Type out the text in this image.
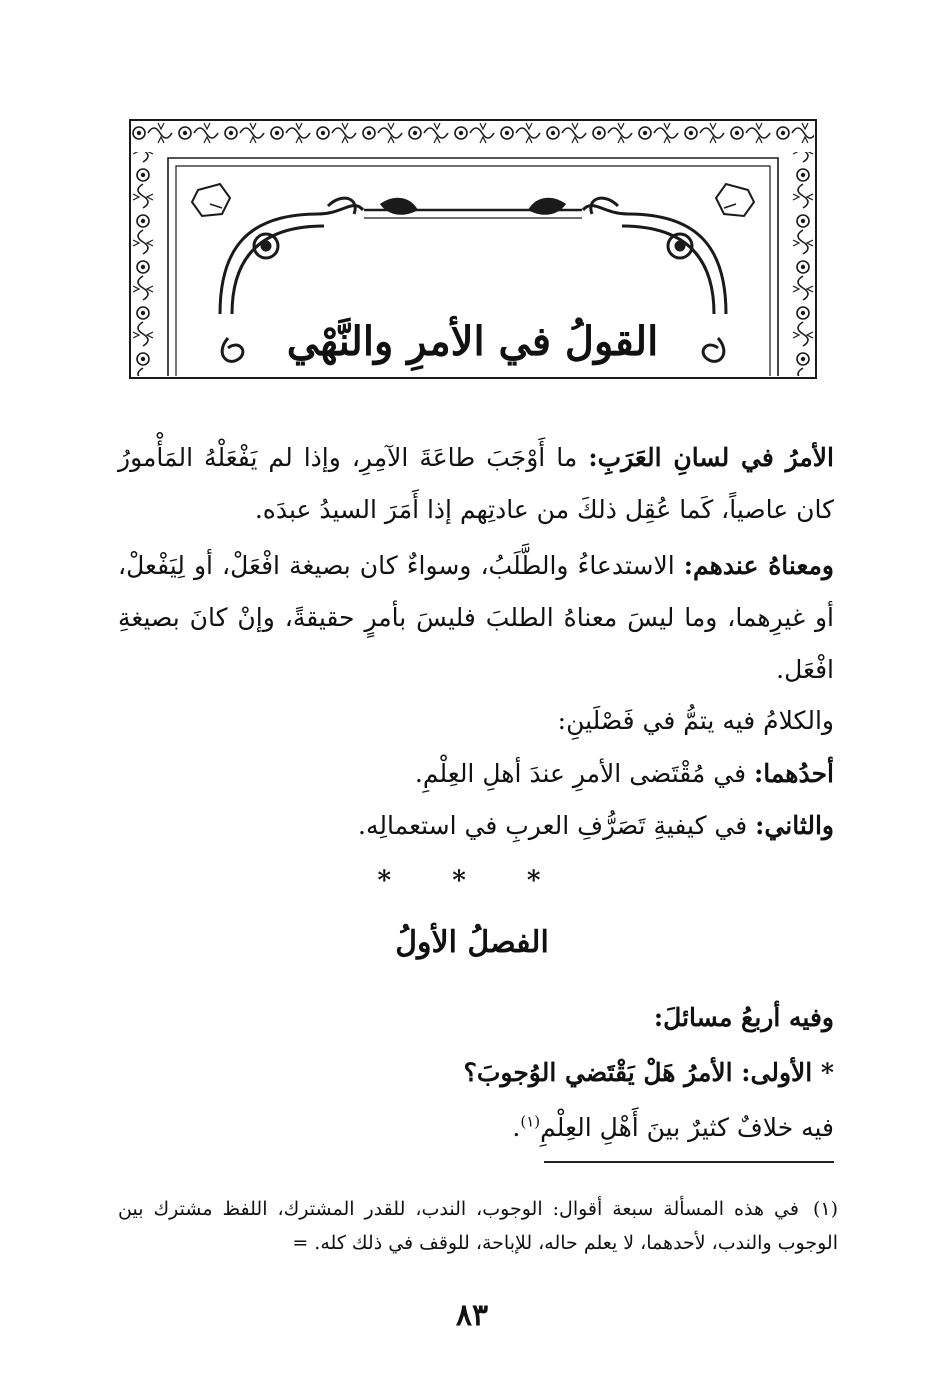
القولُ في الأمرِ والنَّهْي
الأمرُ في لسانِ العَرَبِ: ما أَوْجَبَ طاعَةَ الآمِرِ، وإذا لم يَفْعَلْهُ المَأْمورُ كان عاصياً، كَما عُقِل ذلكَ من عادتِهم إذا أَمَرَ السيدُ عبدَه.
ومعناهُ عندهم: الاستدعاءُ والطَّلَبُ، وسواءٌ كان بصيغة افْعَلْ، أو لِيَفْعلْ، أو غيرِهما، وما ليسَ معناهُ الطلبَ فليسَ بأمرٍ حقيقةً، وإنْ كانَ بصيغةِ افْعَل.
والكلامُ فيه يتمُّ في فَصْلَينِ:
أحدُهما: في مُقْتَضى الأمرِ عندَ أهلِ العِلْمِ.
والثاني: في كيفيةِ تَصَرُّفِ العربِ في استعمالِه.
* * *
الفصلُ الأولُ
وفيه أربعُ مسائلَ:
* الأولى: الأمرُ هَلْ يَقْتَضي الوُجوبَ؟
فيه خلافٌ كثيرٌ بينَ أَهْلِ العِلْمِ$^{(١)}$.
(١)في هذه المسألة سبعة أقوال: الوجوب، الندب، للقدر المشترك، اللفظ مشترك بين الوجوب والندب، لأحدهما، لا يعلم حاله، للإباحة، للوقف في ذلك كله. =
٨٣
